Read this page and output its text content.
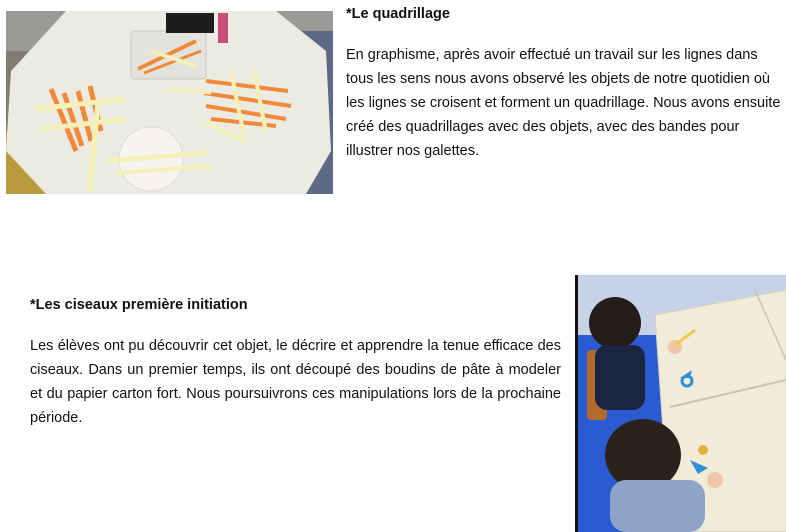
*Le quadrillage

En graphisme, après avoir effectué un travail sur les lignes dans tous les sens nous avons observé les objets de notre quotidien où les lignes se croisent et forment un quadrillage. Nous avons ensuite créé des quadrillages avec des objets, avec des bandes pour illustrer nos galettes.

*Les ciseaux première initiation

Les élèves ont pu découvrir cet objet, le décrire et apprendre la tenue efficace des ciseaux. Dans un premier temps, ils ont découpé des boudins de pâte à modeler et du papier carton fort. Nous poursuivrons ces manipulations lors de la prochaine période.
